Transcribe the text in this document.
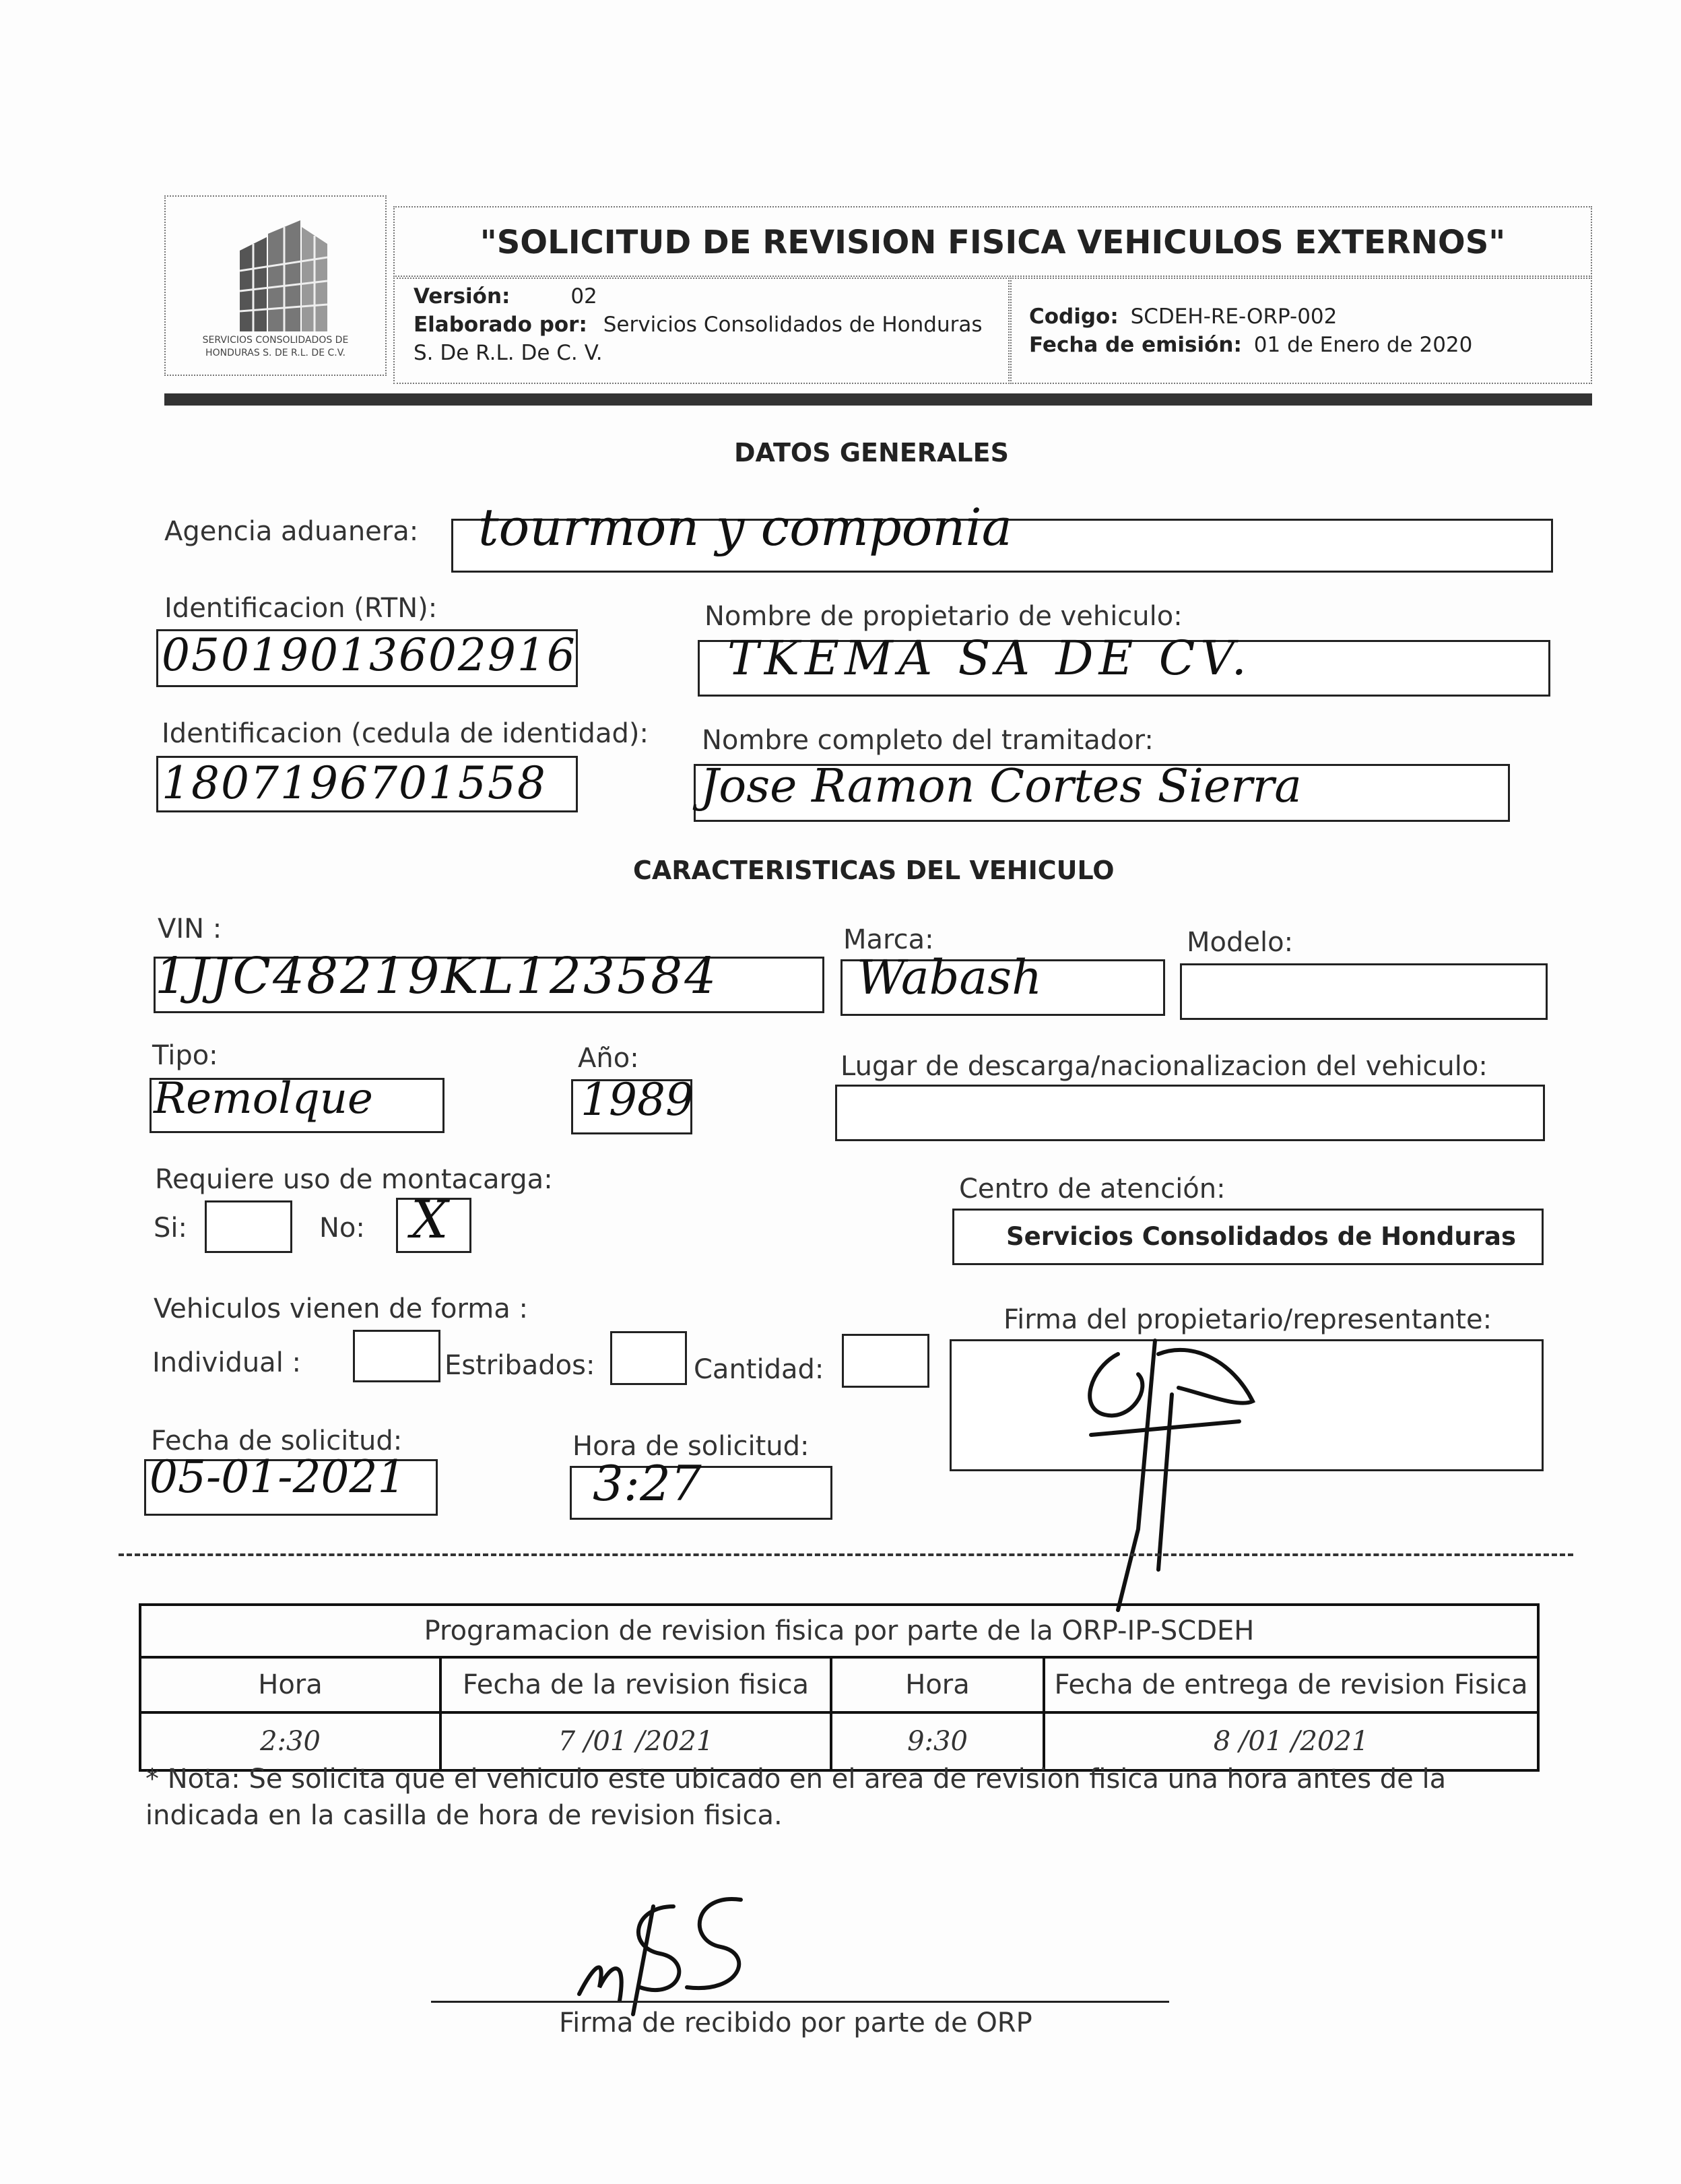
SERVICIOS CONSOLIDADOS DE
HONDURAS S. DE R.L. DE C.V.
"SOLICITUD DE REVISION FISICA VEHICULOS EXTERNOS"
Versión:	02
Elaborado por: Servicios Consolidados de Honduras
S. De R.L. De C. V.
Codigo: SCDEH-RE-ORP-002
Fecha de emisión: 01 de Enero de 2020
DATOS GENERALES
Agencia aduanera: tourmon y componia
Identificacion (RTN):
05019013602916
Nombre de propietario de vehiculo:
TKEMA SA DE CV.
Identificacion (cedula de identidad):
1807196701558
Nombre completo del tramitador:
Jose Ramon Cortes Sierra
CARACTERISTICAS DEL VEHICULO
VIN :
1JJC48219KL123584
Marca:
Wabash
Modelo:
Tipo:
Remolque
Año:
1989
Lugar de descarga/nacionalizacion del vehiculo:
Requiere uso de montacarga:
Si:	No: X
Centro de atención:
Servicios Consolidados de Honduras
Vehiculos vienen de forma :
Individual :	Estribados:	Cantidad:
Firma del propietario/representante:
Fecha de solicitud:
05-01-2021
Hora de solicitud:
3:27
Programacion de revision fisica por parte de la ORP-IP-SCDEH			
Hora	Fecha de la revision fisica	Hora	Fecha de entrega de revision Fisica
2:30	7 /01 /2021	9:30	8 /01 /2021
* Nota: Se solicita que el vehiculo este ubicado en el area de revision fisica una hora antes de la indicada en la casilla de hora de revision fisica.
Firma de recibido por parte de ORP
